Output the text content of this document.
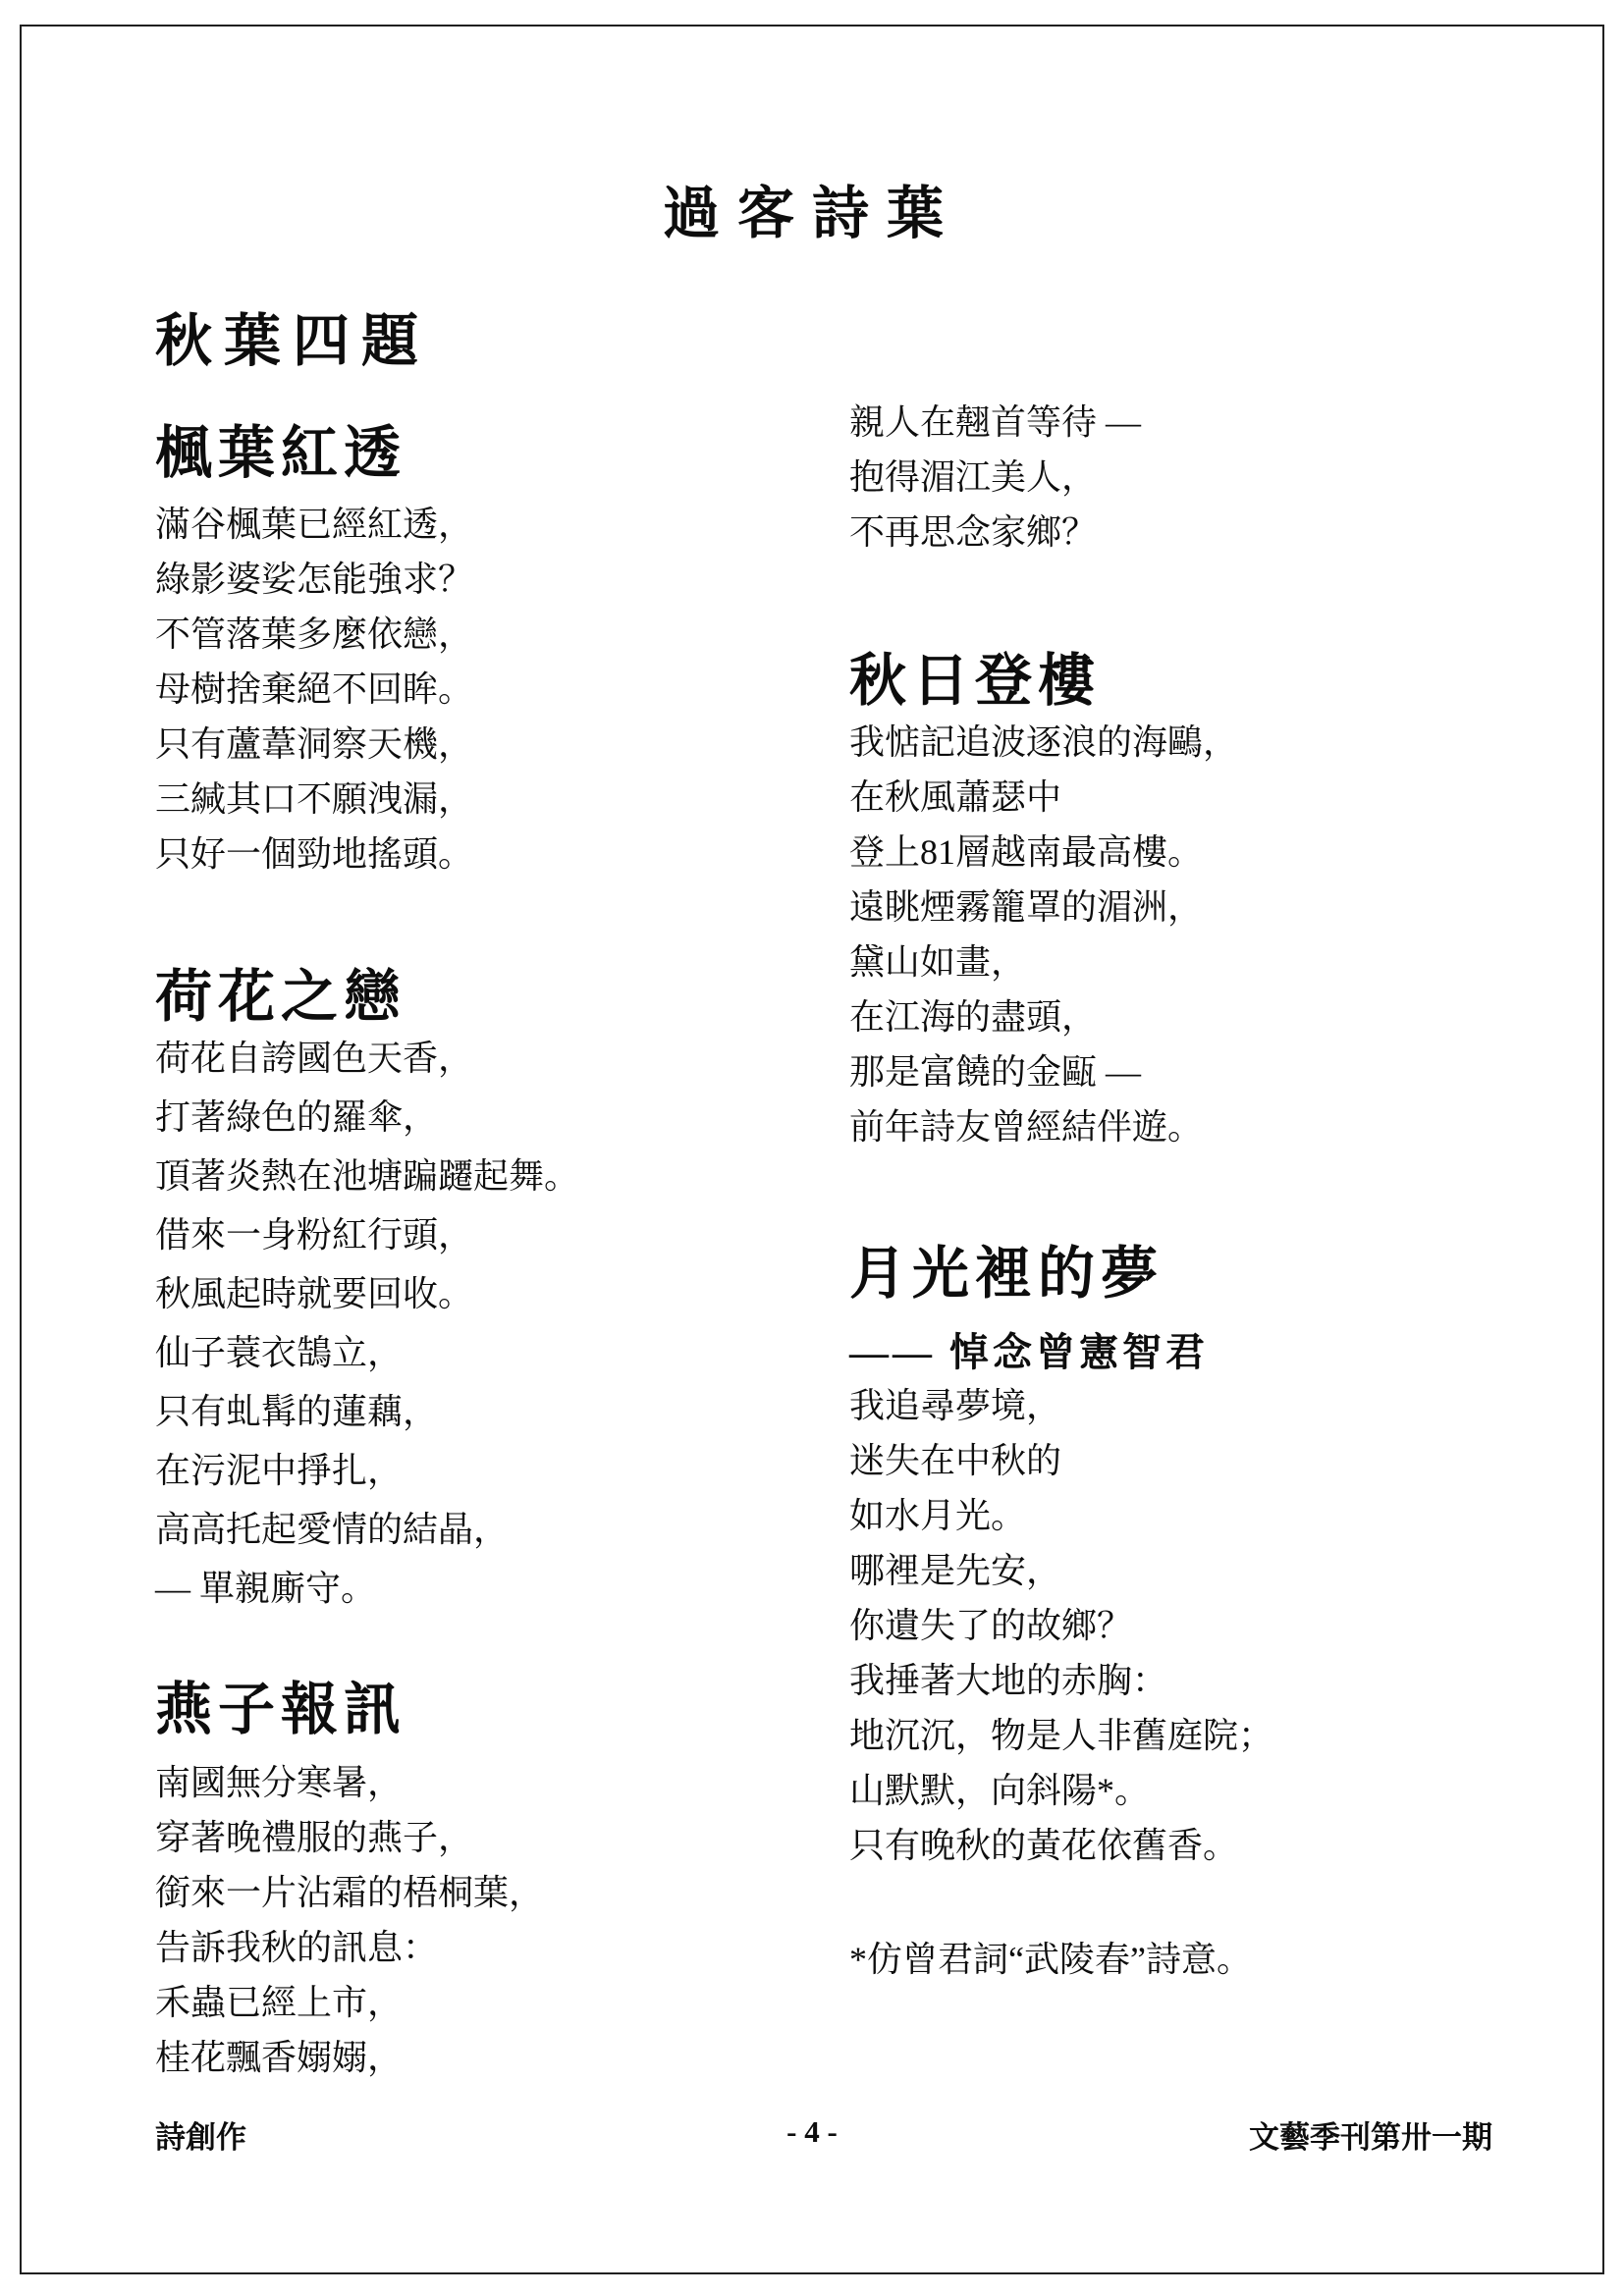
過客詩葉
秋葉四題
楓葉紅透

滿谷楓葉已經紅透，

綠影婆娑怎能強求？

不管落葉多麼依戀，

母樹捨棄絕不回眸。

只有蘆葦洞察天機，

三緘其口不願洩漏，

只好一個勁地搖頭。

荷花之戀

荷花自誇國色天香，

打著綠色的羅傘，

頂著炎熱在池塘蹁躚起舞。

借來一身粉紅行頭，

秋風起時就要回收。

仙子蓑衣鵠立，

只有虬髯的蓮藕，

在污泥中掙扎，

高高托起愛情的結晶，

— 單親廝守。

燕子報訊

南國無分寒暑，

穿著晚禮服的燕子，

銜來一片沾霜的梧桐葉，

告訴我秋的訊息：

禾蟲已經上市，

桂花飄香嫋嫋，

親人在翹首等待 —

抱得湄江美人，

不再思念家鄉？

秋日登樓

我惦記追波逐浪的海鷗，

在秋風蕭瑟中

登上81層越南最高樓。

遠眺煙霧籠罩的湄洲，

黛山如畫，

在江海的盡頭，

那是富饒的金甌 —

前年詩友曾經結伴遊。

月光裡的夢

—— 悼念曾憲智君

我追尋夢境，

迷失在中秋的

如水月光。

哪裡是先安，

你遺失了的故鄉？

我捶著大地的赤胸：

地沉沉，物是人非舊庭院；

山默默，向斜陽*。

只有晚秋的黃花依舊香。

*仿曾君詞“武陵春”詩意。

詩創作	- 4 -	文藝季刊第卅一期
